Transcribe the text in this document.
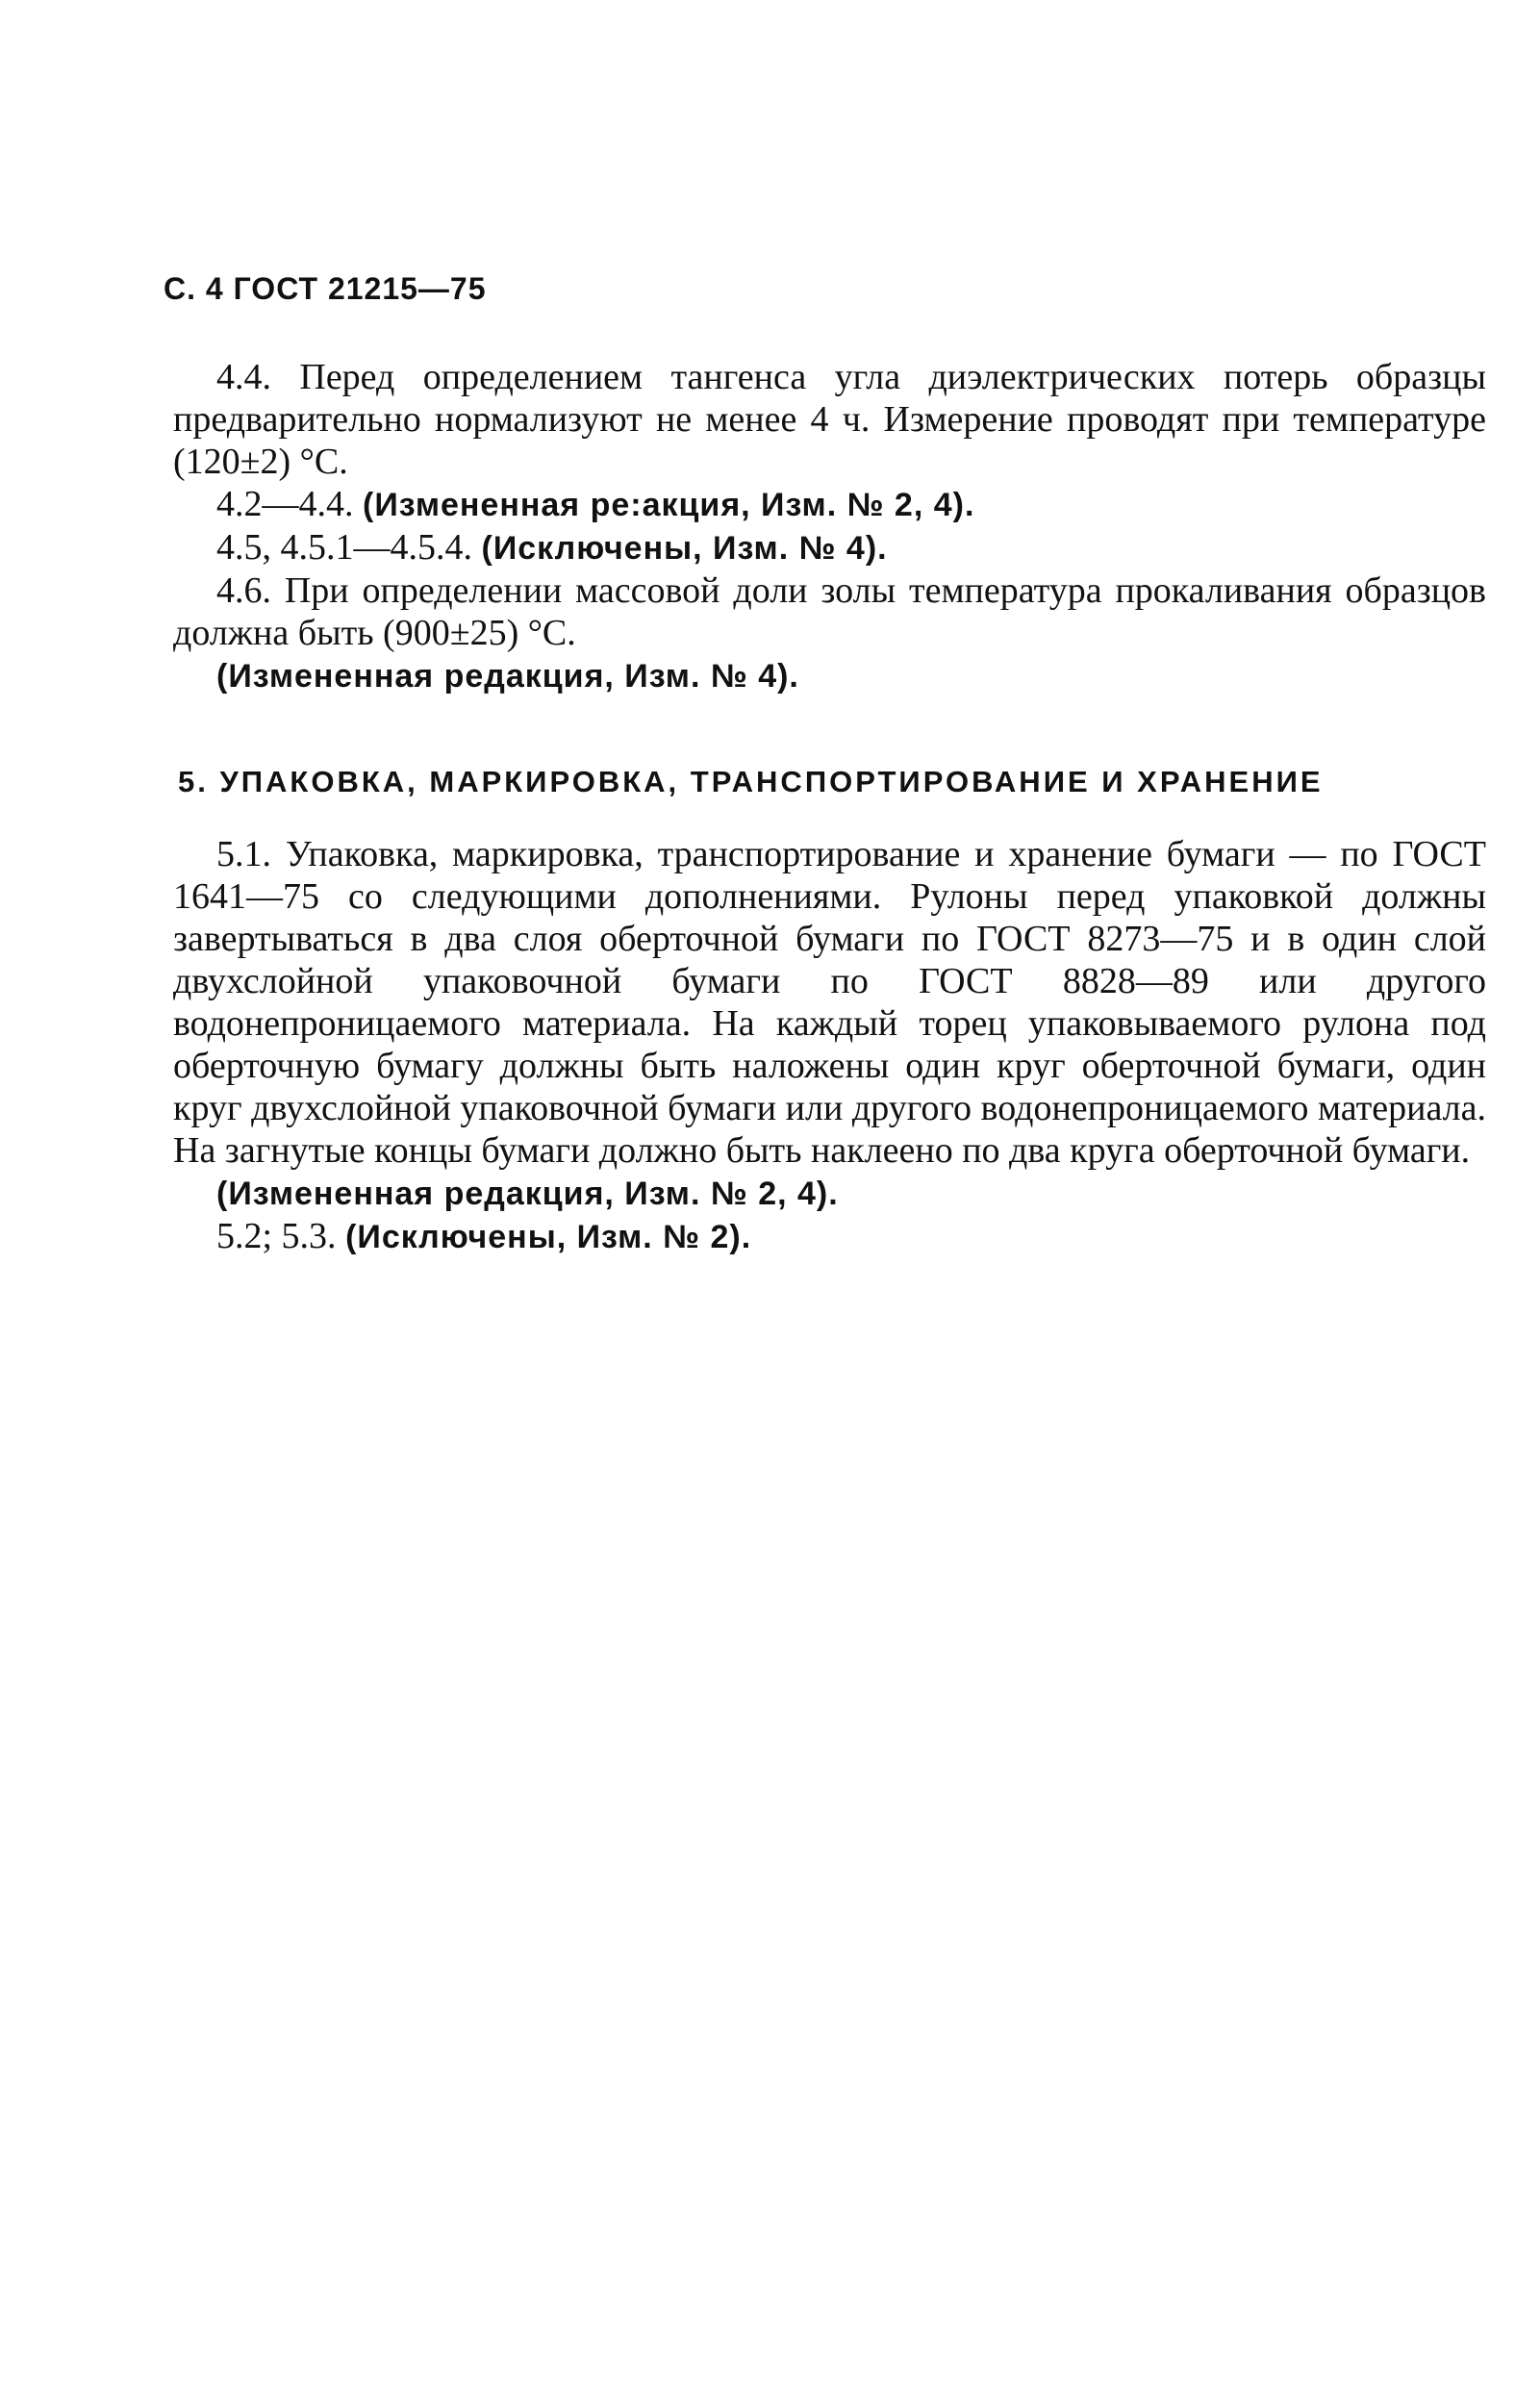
С. 4 ГОСТ 21215—75

4.4. Перед определением тангенса угла диэлектрических потерь образцы предварительно нормализуют не менее 4 ч. Измерение проводят при температуре (120±2) °С.

4.2—4.4. (Измененная ре:акция, Изм. № 2, 4).

4.5, 4.5.1—4.5.4. (Исключены, Изм. № 4).

4.6. При определении массовой доли золы температура прокаливания образцов должна быть (900±25) °С.

(Измененная редакция, Изм. № 4).

5. УПАКОВКА, МАРКИРОВКА, ТРАНСПОРТИРОВАНИЕ И ХРАНЕНИЕ

5.1. Упаковка, маркировка, транспортирование и хранение бумаги — по ГОСТ 1641—75 со следующими дополнениями. Рулоны перед упаковкой должны завертываться в два слоя оберточной бумаги по ГОСТ 8273—75 и в один слой двухслойной упаковочной бумаги по ГОСТ 8828—89 или другого водонепроницаемого материала. На каждый торец упаковываемого рулона под оберточную бумагу должны быть наложены один круг оберточной бумаги, один круг двухслойной упаковочной бумаги или другого водонепроницаемого материала. На загнутые концы бумаги должно быть наклеено по два круга оберточной бумаги.

(Измененная редакция, Изм. № 2, 4).

5.2; 5.3. (Исключены, Изм. № 2).
